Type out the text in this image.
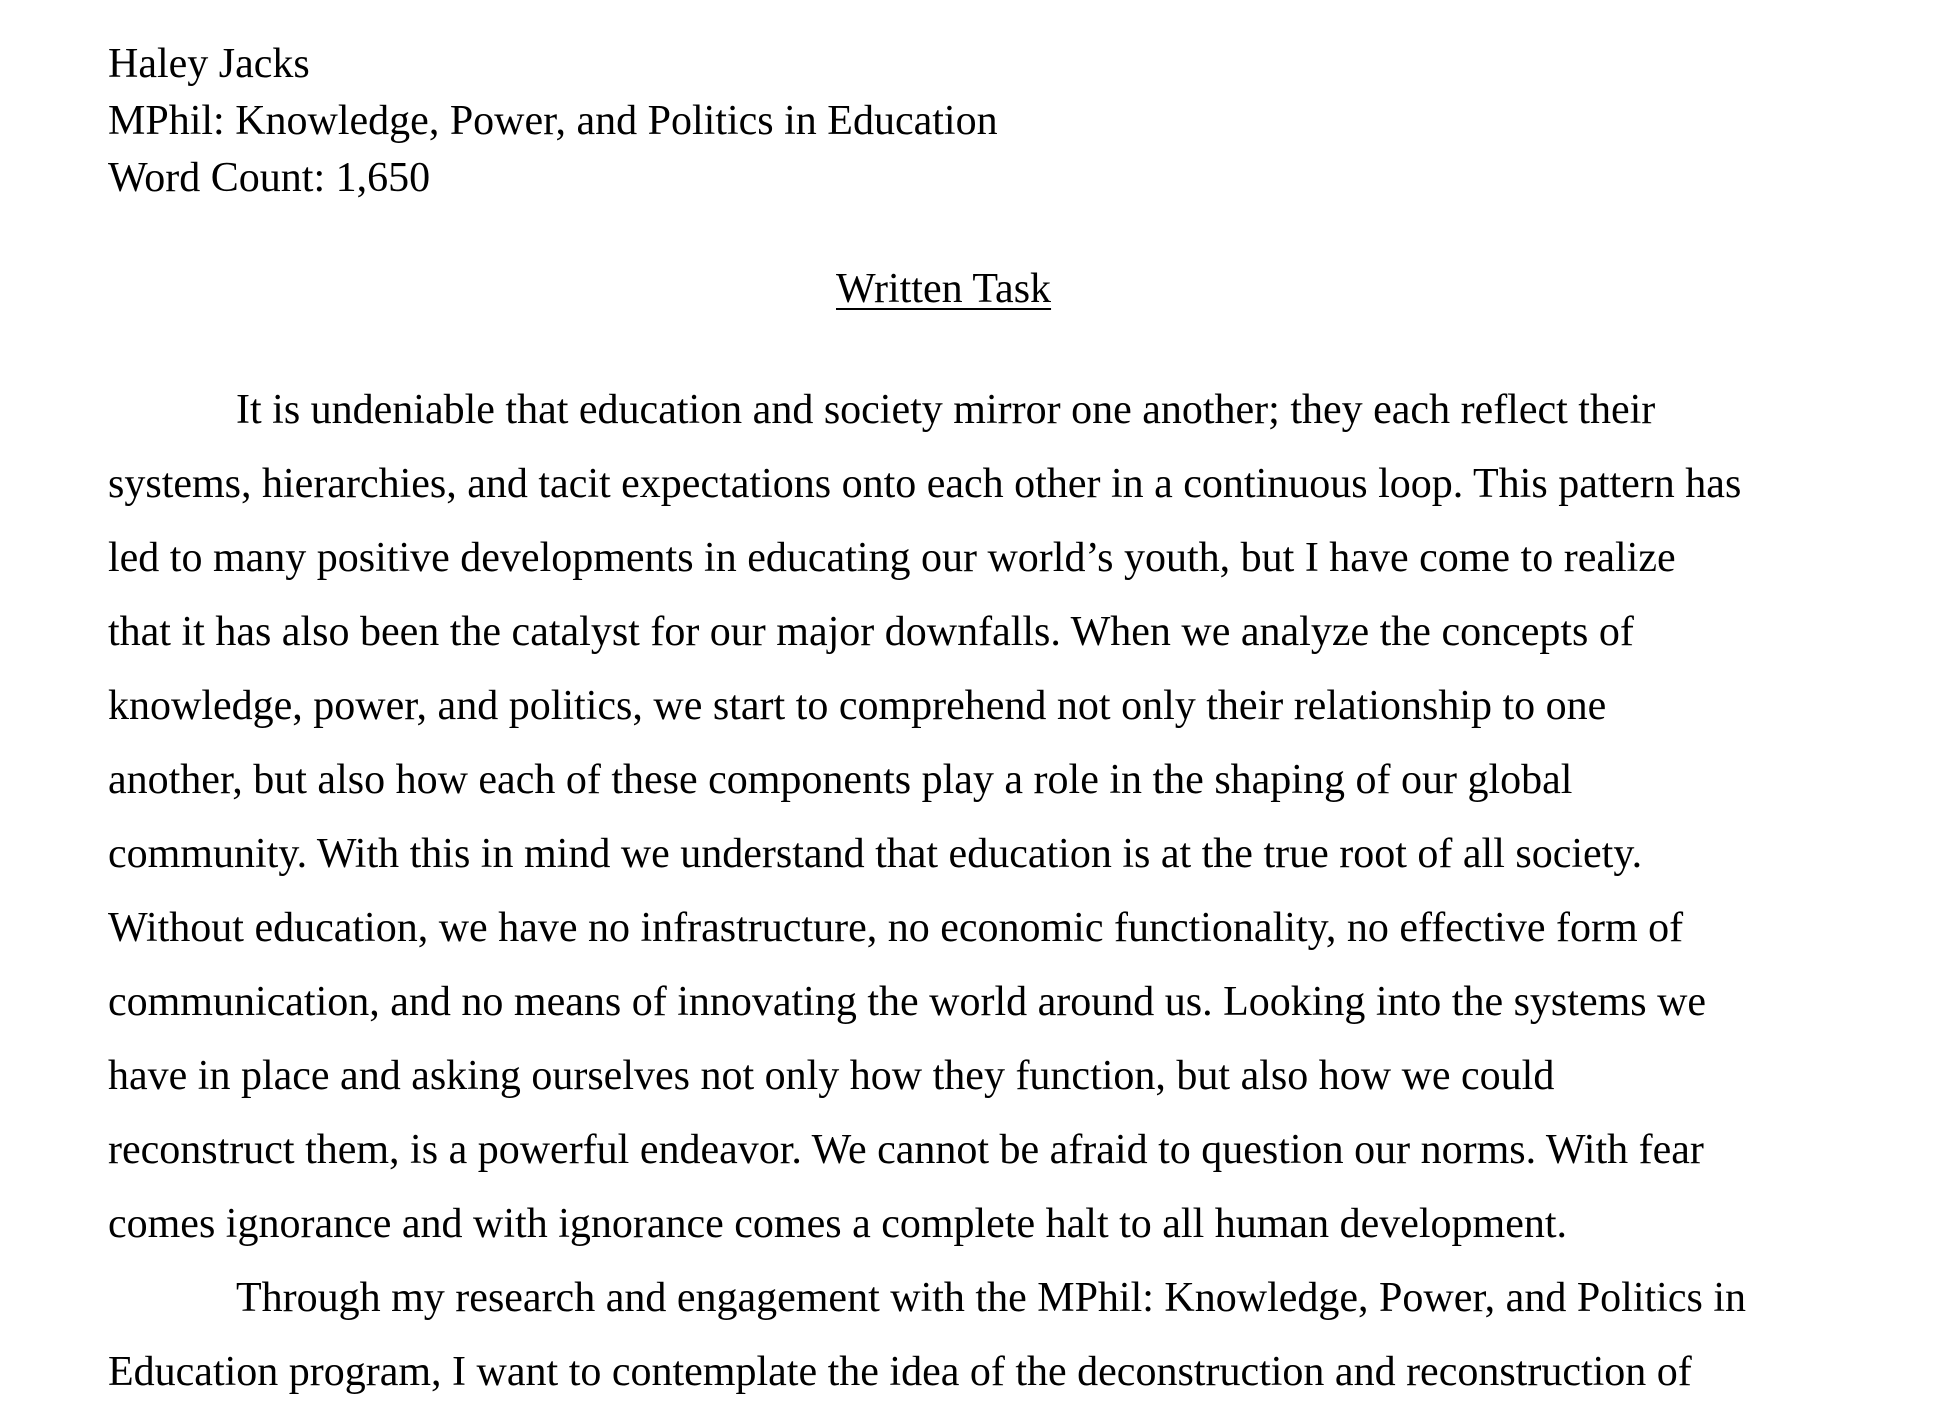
Haley Jacks
MPhil: Knowledge, Power, and Politics in Education
Word Count: 1,650
Written Task
It is undeniable that education and society mirror one another; they each reflect their
systems, hierarchies, and tacit expectations onto each other in a continuous loop. This pattern has
led to many positive developments in educating our world’s youth, but I have come to realize
that it has also been the catalyst for our major downfalls. When we analyze the concepts of
knowledge, power, and politics, we start to comprehend not only their relationship to one
another, but also how each of these components play a role in the shaping of our global
community. With this in mind we understand that education is at the true root of all society.
Without education, we have no infrastructure, no economic functionality, no effective form of
communication, and no means of innovating the world around us. Looking into the systems we
have in place and asking ourselves not only how they function, but also how we could
reconstruct them, is a powerful endeavor. We cannot be afraid to question our norms. With fear
comes ignorance and with ignorance comes a complete halt to all human development.
Through my research and engagement with the MPhil: Knowledge, Power, and Politics in
Education program, I want to contemplate the idea of the deconstruction and reconstruction of
